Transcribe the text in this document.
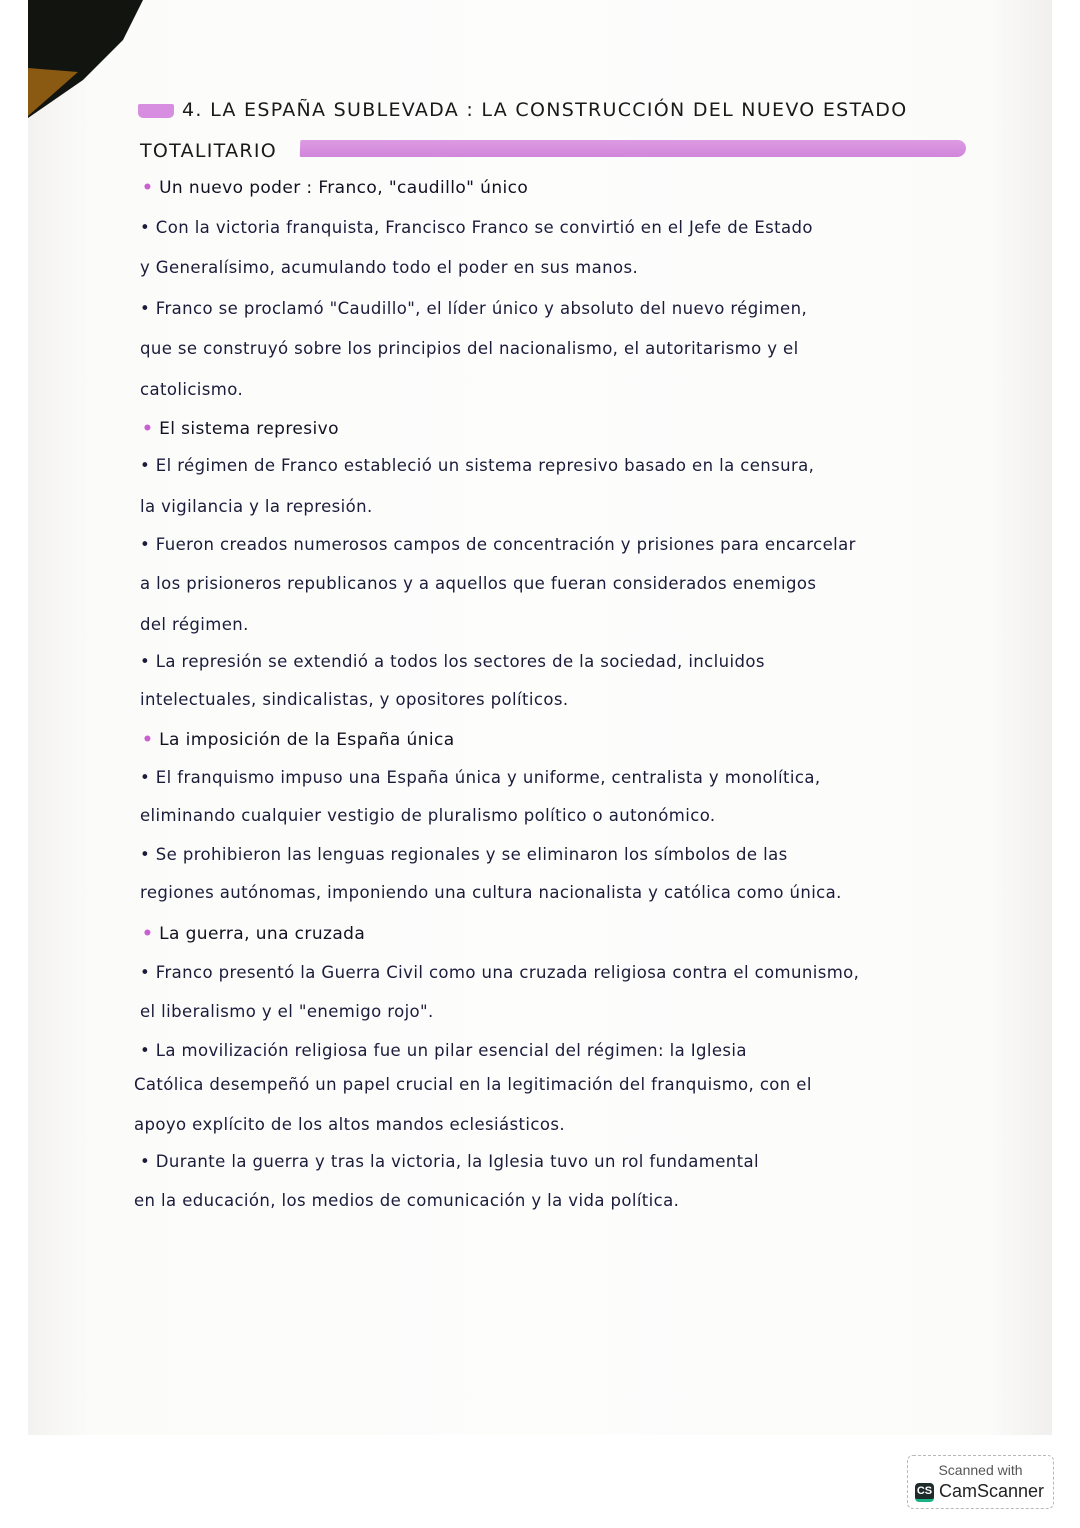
4. LA ESPAÑA SUBLEVADA : LA CONSTRUCCIÓN DEL NUEVO ESTADO
TOTALITARIO
• Un nuevo poder : Franco, "caudillo" único
• Con la victoria franquista, Francisco Franco se convirtió en el Jefe de Estado
y Generalísimo, acumulando todo el poder en sus manos.
• Franco se proclamó "Caudillo", el líder único y absoluto del nuevo régimen,
que se construyó sobre los principios del nacionalismo, el autoritarismo y el
catolicismo.
• El sistema represivo
• El régimen de Franco estableció un sistema represivo basado en la censura,
la vigilancia y la represión.
• Fueron creados numerosos campos de concentración y prisiones para encarcelar
a los prisioneros republicanos y a aquellos que fueran considerados enemigos
del régimen.
• La represión se extendió a todos los sectores de la sociedad, incluidos
intelectuales, sindicalistas, y opositores políticos.
• La imposición de la España única
• El franquismo impuso una España única y uniforme, centralista y monolítica,
eliminando cualquier vestigio de pluralismo político o autonómico.
• Se prohibieron las lenguas regionales y se eliminaron los símbolos de las
regiones autónomas, imponiendo una cultura nacionalista y católica como única.
• La guerra, una cruzada
• Franco presentó la Guerra Civil como una cruzada religiosa contra el comunismo,
el liberalismo y el "enemigo rojo".
• La movilización religiosa fue un pilar esencial del régimen: la Iglesia
Católica desempeñó un papel crucial en la legitimación del franquismo, con el
apoyo explícito de los altos mandos eclesiásticos.
• Durante la guerra y tras la victoria, la Iglesia tuvo un rol fundamental
en la educación, los medios de comunicación y la vida política.
Scanned with
CS CamScanner
